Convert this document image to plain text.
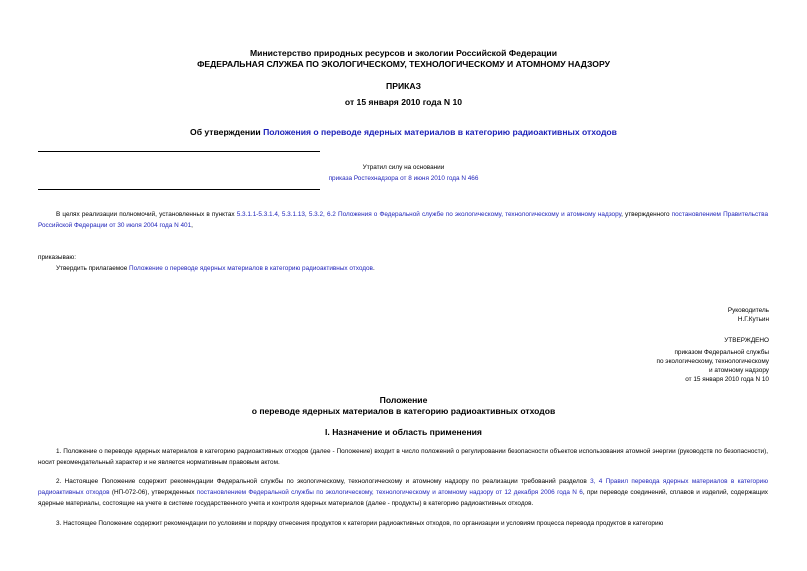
Министерство природных ресурсов и экологии Российской Федерации
ФЕДЕРАЛЬНАЯ СЛУЖБА ПО ЭКОЛОГИЧЕСКОМУ, ТЕХНОЛОГИЧЕСКОМУ И АТОМНОМУ НАДЗОРУ
ПРИКАЗ
от 15 января 2010 года N 10
Об утверждении Положения о переводе ядерных материалов в категорию радиоактивных отходов
Утратил силу на основании
приказа Ростехнадзора от 8 июня 2010 года N 466
В целях реализации полномочий, установленных в пунктах 5.3.1.1-5.3.1.4, 5.3.1.13, 5.3.2, 6.2 Положения о Федеральной службе по экологическому, технологическому и атомному надзору, утвержденного постановлением Правительства Российской Федерации от 30 июля 2004 года N 401,
приказываю:
Утвердить прилагаемое Положение о переводе ядерных материалов в категорию радиоактивных отходов.
Руководитель
Н.Г.Кутьин
УТВЕРЖДЕНО
приказом Федеральной службы
по экологическому, технологическому
и атомному надзору
от 15 января 2010 года N 10
Положение
о переводе ядерных материалов в категорию радиоактивных отходов
I. Назначение и область применения
1. Положение о переводе ядерных материалов в категорию радиоактивных отходов (далее - Положение) входит в число положений о регулировании безопасности объектов использования атомной энергии (руководств по безопасности), носит рекомендательный характер и не является нормативным правовым актом.
2. Настоящее Положение содержит рекомендации Федеральной службы по экологическому, технологическому и атомному надзору по реализации требований разделов 3, 4 Правил перевода ядерных материалов в категорию радиоактивных отходов (НП-072-06), утвержденных постановлением Федеральной службы по экологическому, технологическому и атомному надзору от 12 декабря 2006 года N 6, при переводе соединений, сплавов и изделий, содержащих ядерные материалы, состоящие на учете в системе государственного учета и контроля ядерных материалов (далее - продукты) в категорию радиоактивных отходов.
3. Настоящее Положение содержит рекомендации по условиям и порядку отнесения продуктов к категории радиоактивных отходов, по организации и условиям процесса перевода продуктов в категорию
